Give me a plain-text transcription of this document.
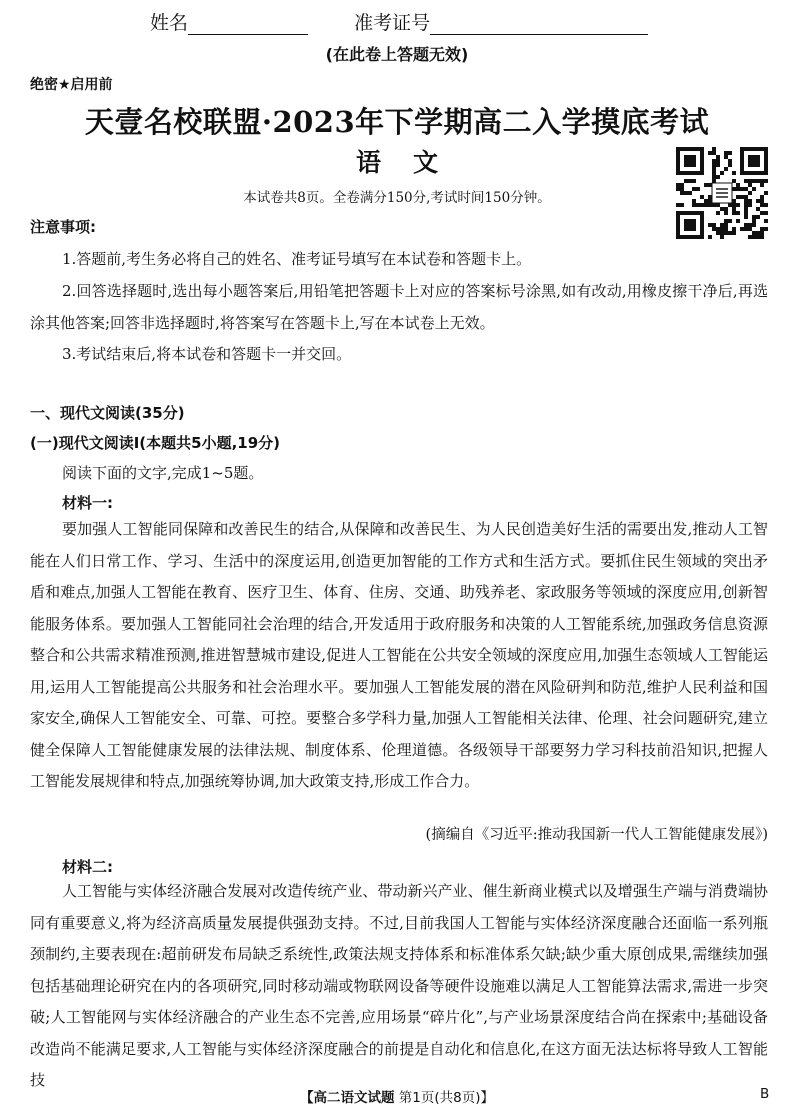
姓名	准考证号
(在此卷上答题无效)
绝密★启用前
天壹名校联盟·2023年下学期高二入学摸底考试
语文
本试卷共8页。全卷满分150分,考试时间150分钟。
注意事项:
1.答题前,考生务必将自己的姓名、准考证号填写在本试卷和答题卡上。
2.回答选择题时,选出每小题答案后,用铅笔把答题卡上对应的答案标号涂黑,如有改动,用橡皮擦干净后,再选涂其他答案;回答非选择题时,将答案写在答题卡上,写在本试卷上无效。
3.考试结束后,将本试卷和答题卡一并交回。
一、现代文阅读(35分)
(一)现代文阅读Ⅰ(本题共5小题,19分)
阅读下面的文字,完成1~5题。
材料一:
要加强人工智能同保障和改善民生的结合,从保障和改善民生、为人民创造美好生活的需要出发,推动人工智能在人们日常工作、学习、生活中的深度运用,创造更加智能的工作方式和生活方式。要抓住民生领域的突出矛盾和难点,加强人工智能在教育、医疗卫生、体育、住房、交通、助残养老、家政服务等领域的深度应用,创新智能服务体系。要加强人工智能同社会治理的结合,开发适用于政府服务和决策的人工智能系统,加强政务信息资源整合和公共需求精准预测,推进智慧城市建设,促进人工智能在公共安全领域的深度应用,加强生态领域人工智能运用,运用人工智能提高公共服务和社会治理水平。要加强人工智能发展的潜在风险研判和防范,维护人民利益和国家安全,确保人工智能安全、可靠、可控。要整合多学科力量,加强人工智能相关法律、伦理、社会问题研究,建立健全保障人工智能健康发展的法律法规、制度体系、伦理道德。各级领导干部要努力学习科技前沿知识,把握人工智能发展规律和特点,加强统筹协调,加大政策支持,形成工作合力。
(摘编自《习近平:推动我国新一代人工智能健康发展》)
材料二:
人工智能与实体经济融合发展对改造传统产业、带动新兴产业、催生新商业模式以及增强生产端与消费端协同有重要意义,将为经济高质量发展提供强劲支持。不过,目前我国人工智能与实体经济深度融合还面临一系列瓶颈制约,主要表现在:超前研发布局缺乏系统性,政策法规支持体系和标准体系欠缺;缺少重大原创成果,需继续加强包括基础理论研究在内的各项研究,同时移动端或物联网设备等硬件设施难以满足人工智能算法需求,需进一步突破;人工智能网与实体经济融合的产业生态不完善,应用场景“碎片化”,与产业场景深度结合尚在探索中;基础设备改造尚不能满足要求,人工智能与实体经济深度融合的前提是自动化和信息化,在这方面无法达标将导致人工智能技
【高二语文试题 第1页(共8页)】	B
